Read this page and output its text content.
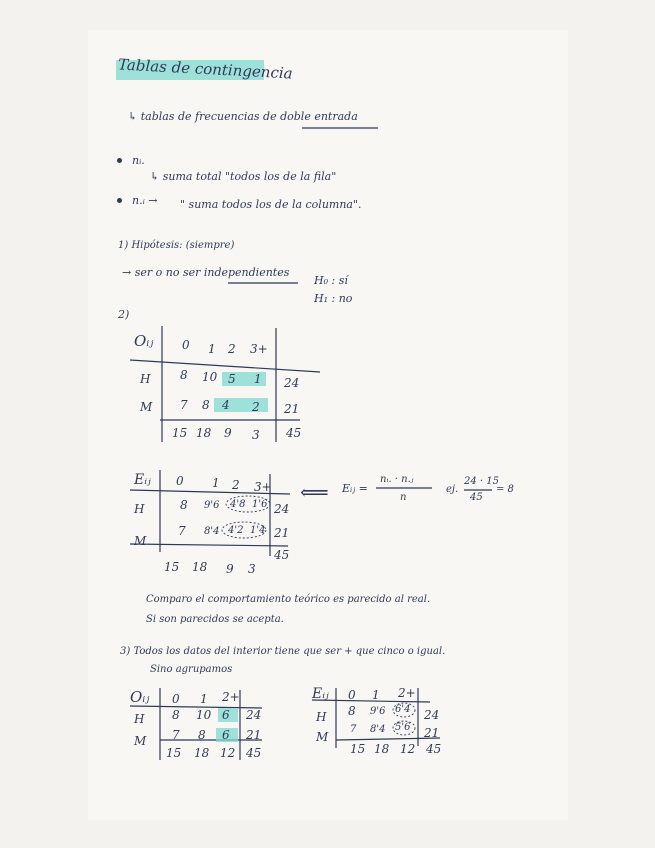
Tablas de contingencia
↳ tablas de frecuencias de doble entrada
nᵢ.
↳ suma total "todos los de la fila"
n.ᵢ → " suma todos los de la columna".
1) Hipótesis: (siempre)
→ ser o no ser independientes
H₀ : sí
H₁ : no
2)
Oᵢⱼ 0 1 2 3+
H 8 10 5 1 24
M 7 8 4 2 21
15 18 9 3 45
Eᵢⱼ 0 1 2 3+
H	8 9'6 4'8 1'6 24
M
7 8'4 4'2 1'4 21
15 18 9 3
45
⟸ Eᵢⱼ =
nᵢ. · n.ⱼ
n
ej.
24 · 15
45
= 8
Comparo el comportamiento teórico es parecido al real.
Si son parecidos se acepta.
3) Todos los datos del interior tiene que ser + que cinco o igual.
Sino agrupamos
Oᵢⱼ 0 1 2+
H 8 10 6 24
M 7 8 6 21
15 18 12 45
Eᵢⱼ 0 1 2+
H 8 9'6 6'4 24
M
7 8'4 5'6 21
15 18 12 45
